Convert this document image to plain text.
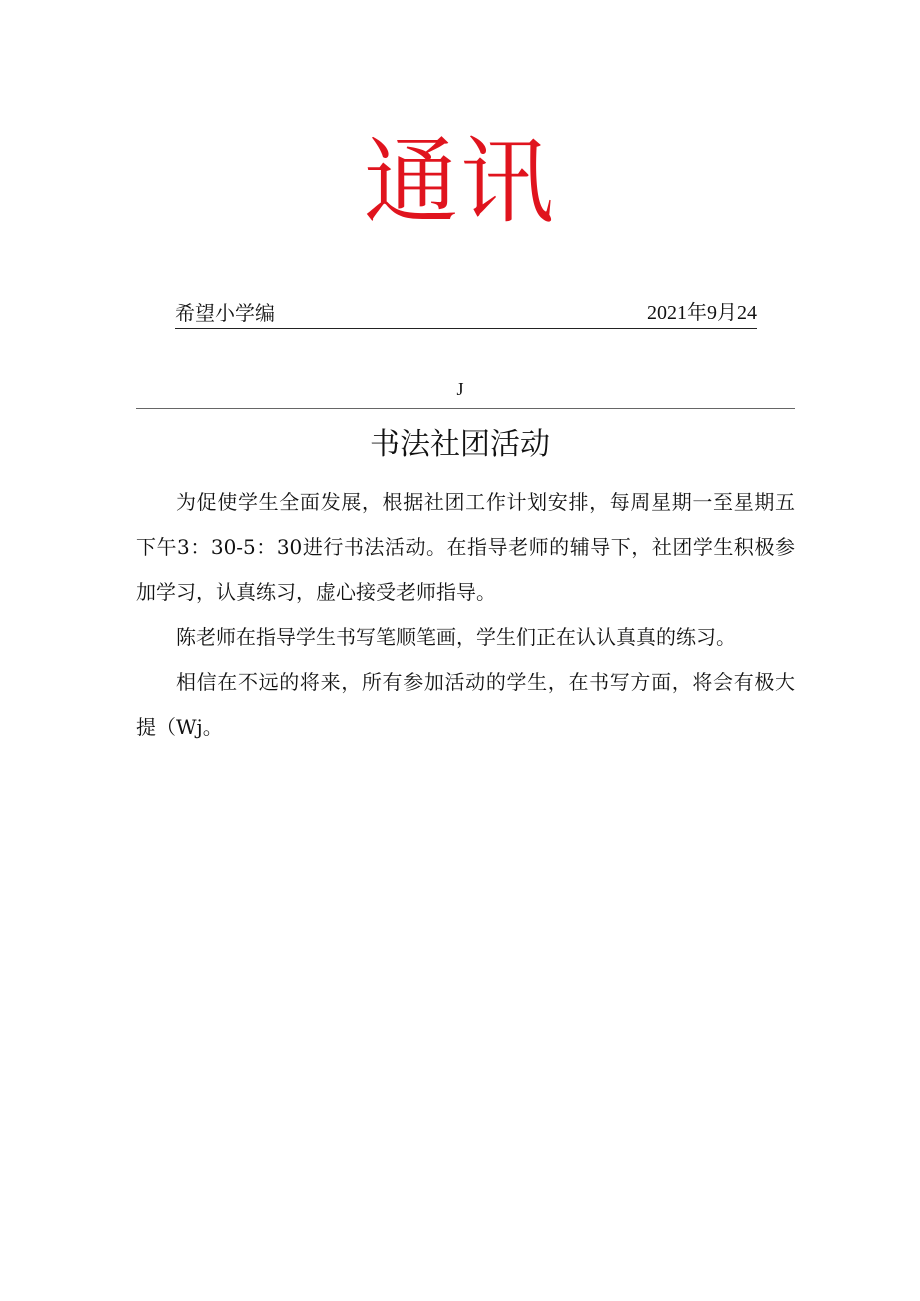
通讯
希望小学编	2021年9月24
J
书法社团活动

为促使学生全面发展，根据社团工作计划安排，每周星期一至星期五下午3：30-5：30进行书法活动。在指导老师的辅导下，社团学生积极参加学习，认真练习，虚心接受老师指导。

陈老师在指导学生书写笔顺笔画，学生们正在认认真真的练习。

相信在不远的将来，所有参加活动的学生，在书写方面，将会有极大提（Wj。
